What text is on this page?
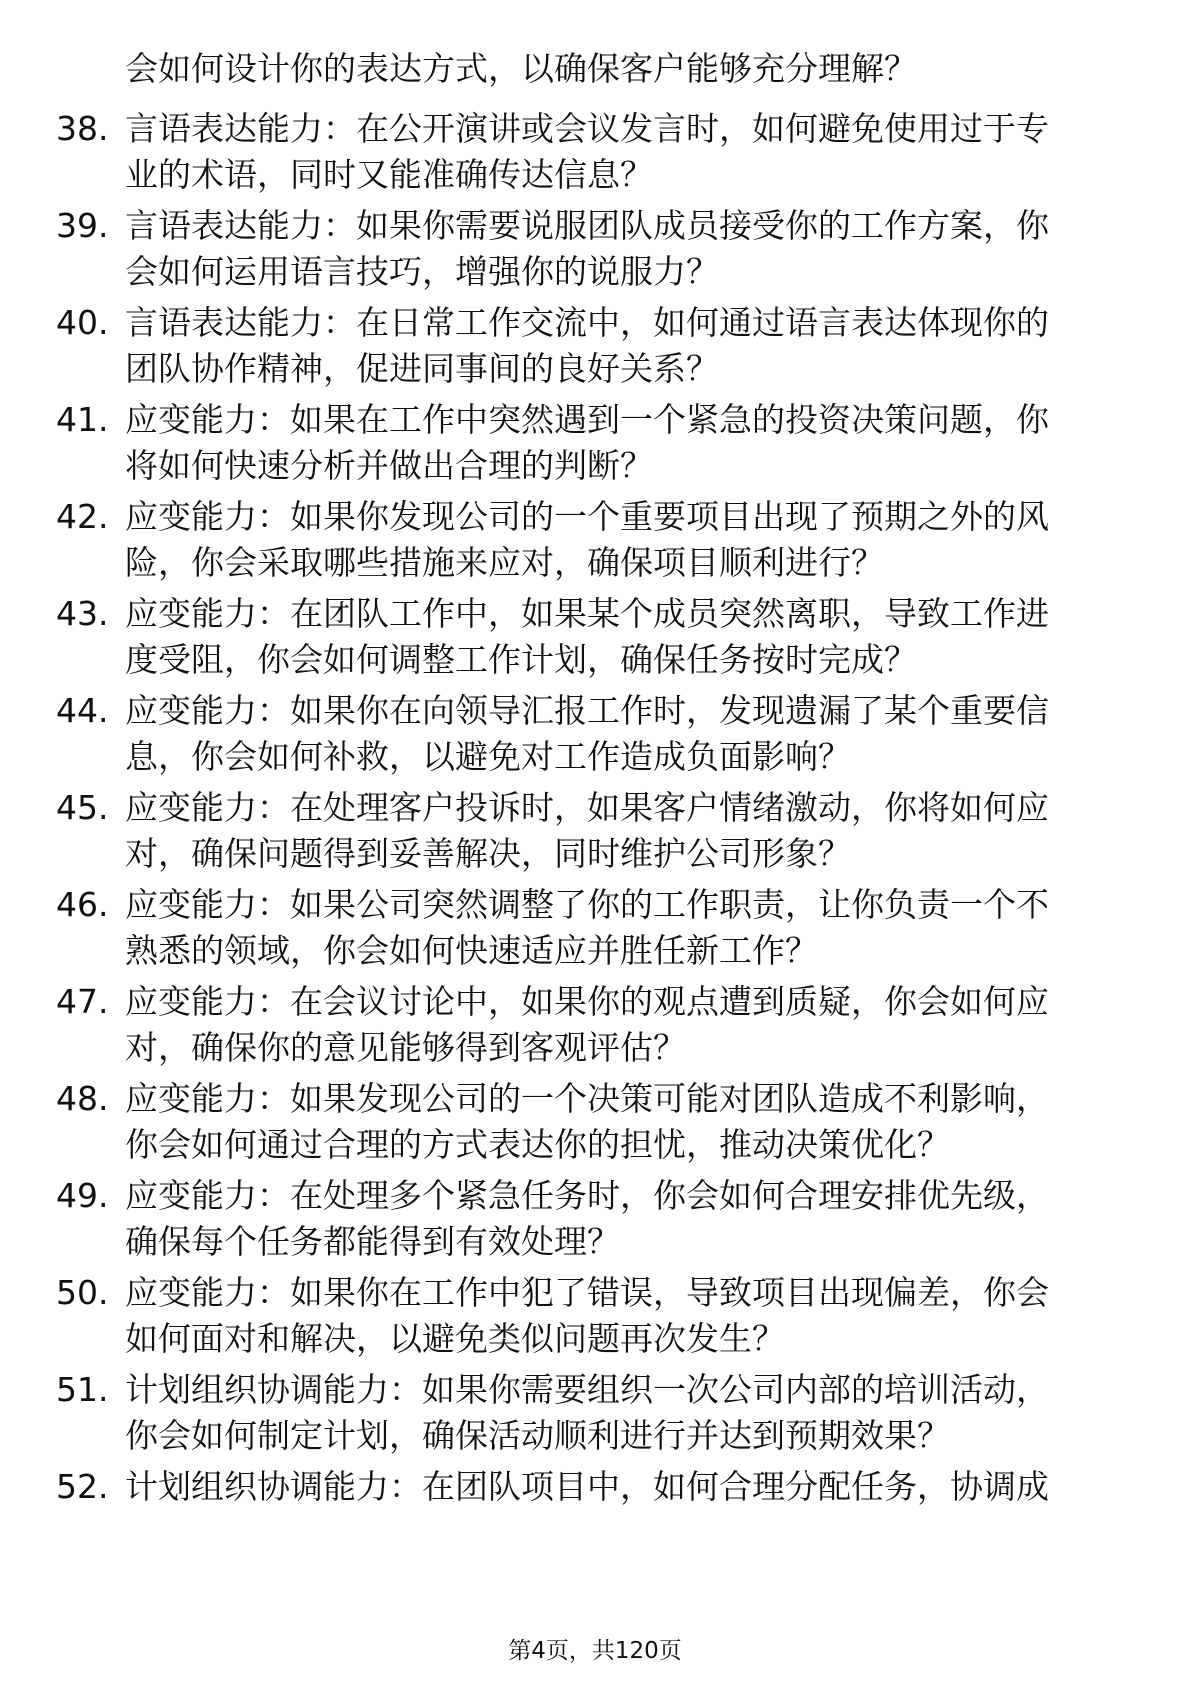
会如何设计你的表达方式，以确保客户能够充分理解？
38. 言语表达能力：在公开演讲或会议发言时，如何避免使用过于专
业的术语，同时又能准确传达信息？
39. 言语表达能力：如果你需要说服团队成员接受你的工作方案，你
会如何运用语言技巧，增强你的说服力？
40. 言语表达能力：在日常工作交流中，如何通过语言表达体现你的
团队协作精神，促进同事间的良好关系？
41. 应变能力：如果在工作中突然遇到一个紧急的投资决策问题，你
将如何快速分析并做出合理的判断？
42. 应变能力：如果你发现公司的一个重要项目出现了预期之外的风
险，你会采取哪些措施来应对，确保项目顺利进行？
43. 应变能力：在团队工作中，如果某个成员突然离职，导致工作进
度受阻，你会如何调整工作计划，确保任务按时完成？
44. 应变能力：如果你在向领导汇报工作时，发现遗漏了某个重要信
息，你会如何补救，以避免对工作造成负面影响？
45. 应变能力：在处理客户投诉时，如果客户情绪激动，你将如何应
对，确保问题得到妥善解决，同时维护公司形象？
46. 应变能力：如果公司突然调整了你的工作职责，让你负责一个不
熟悉的领域，你会如何快速适应并胜任新工作？
47. 应变能力：在会议讨论中，如果你的观点遭到质疑，你会如何应
对，确保你的意见能够得到客观评估？
48. 应变能力：如果发现公司的一个决策可能对团队造成不利影响，
你会如何通过合理的方式表达你的担忧，推动决策优化？
49. 应变能力：在处理多个紧急任务时，你会如何合理安排优先级，
确保每个任务都能得到有效处理？
50. 应变能力：如果你在工作中犯了错误，导致项目出现偏差，你会
如何面对和解决，以避免类似问题再次发生？
51. 计划组织协调能力：如果你需要组织一次公司内部的培训活动，
你会如何制定计划，确保活动顺利进行并达到预期效果？
52. 计划组织协调能力：在团队项目中，如何合理分配任务，协调成
第4页，共120页
